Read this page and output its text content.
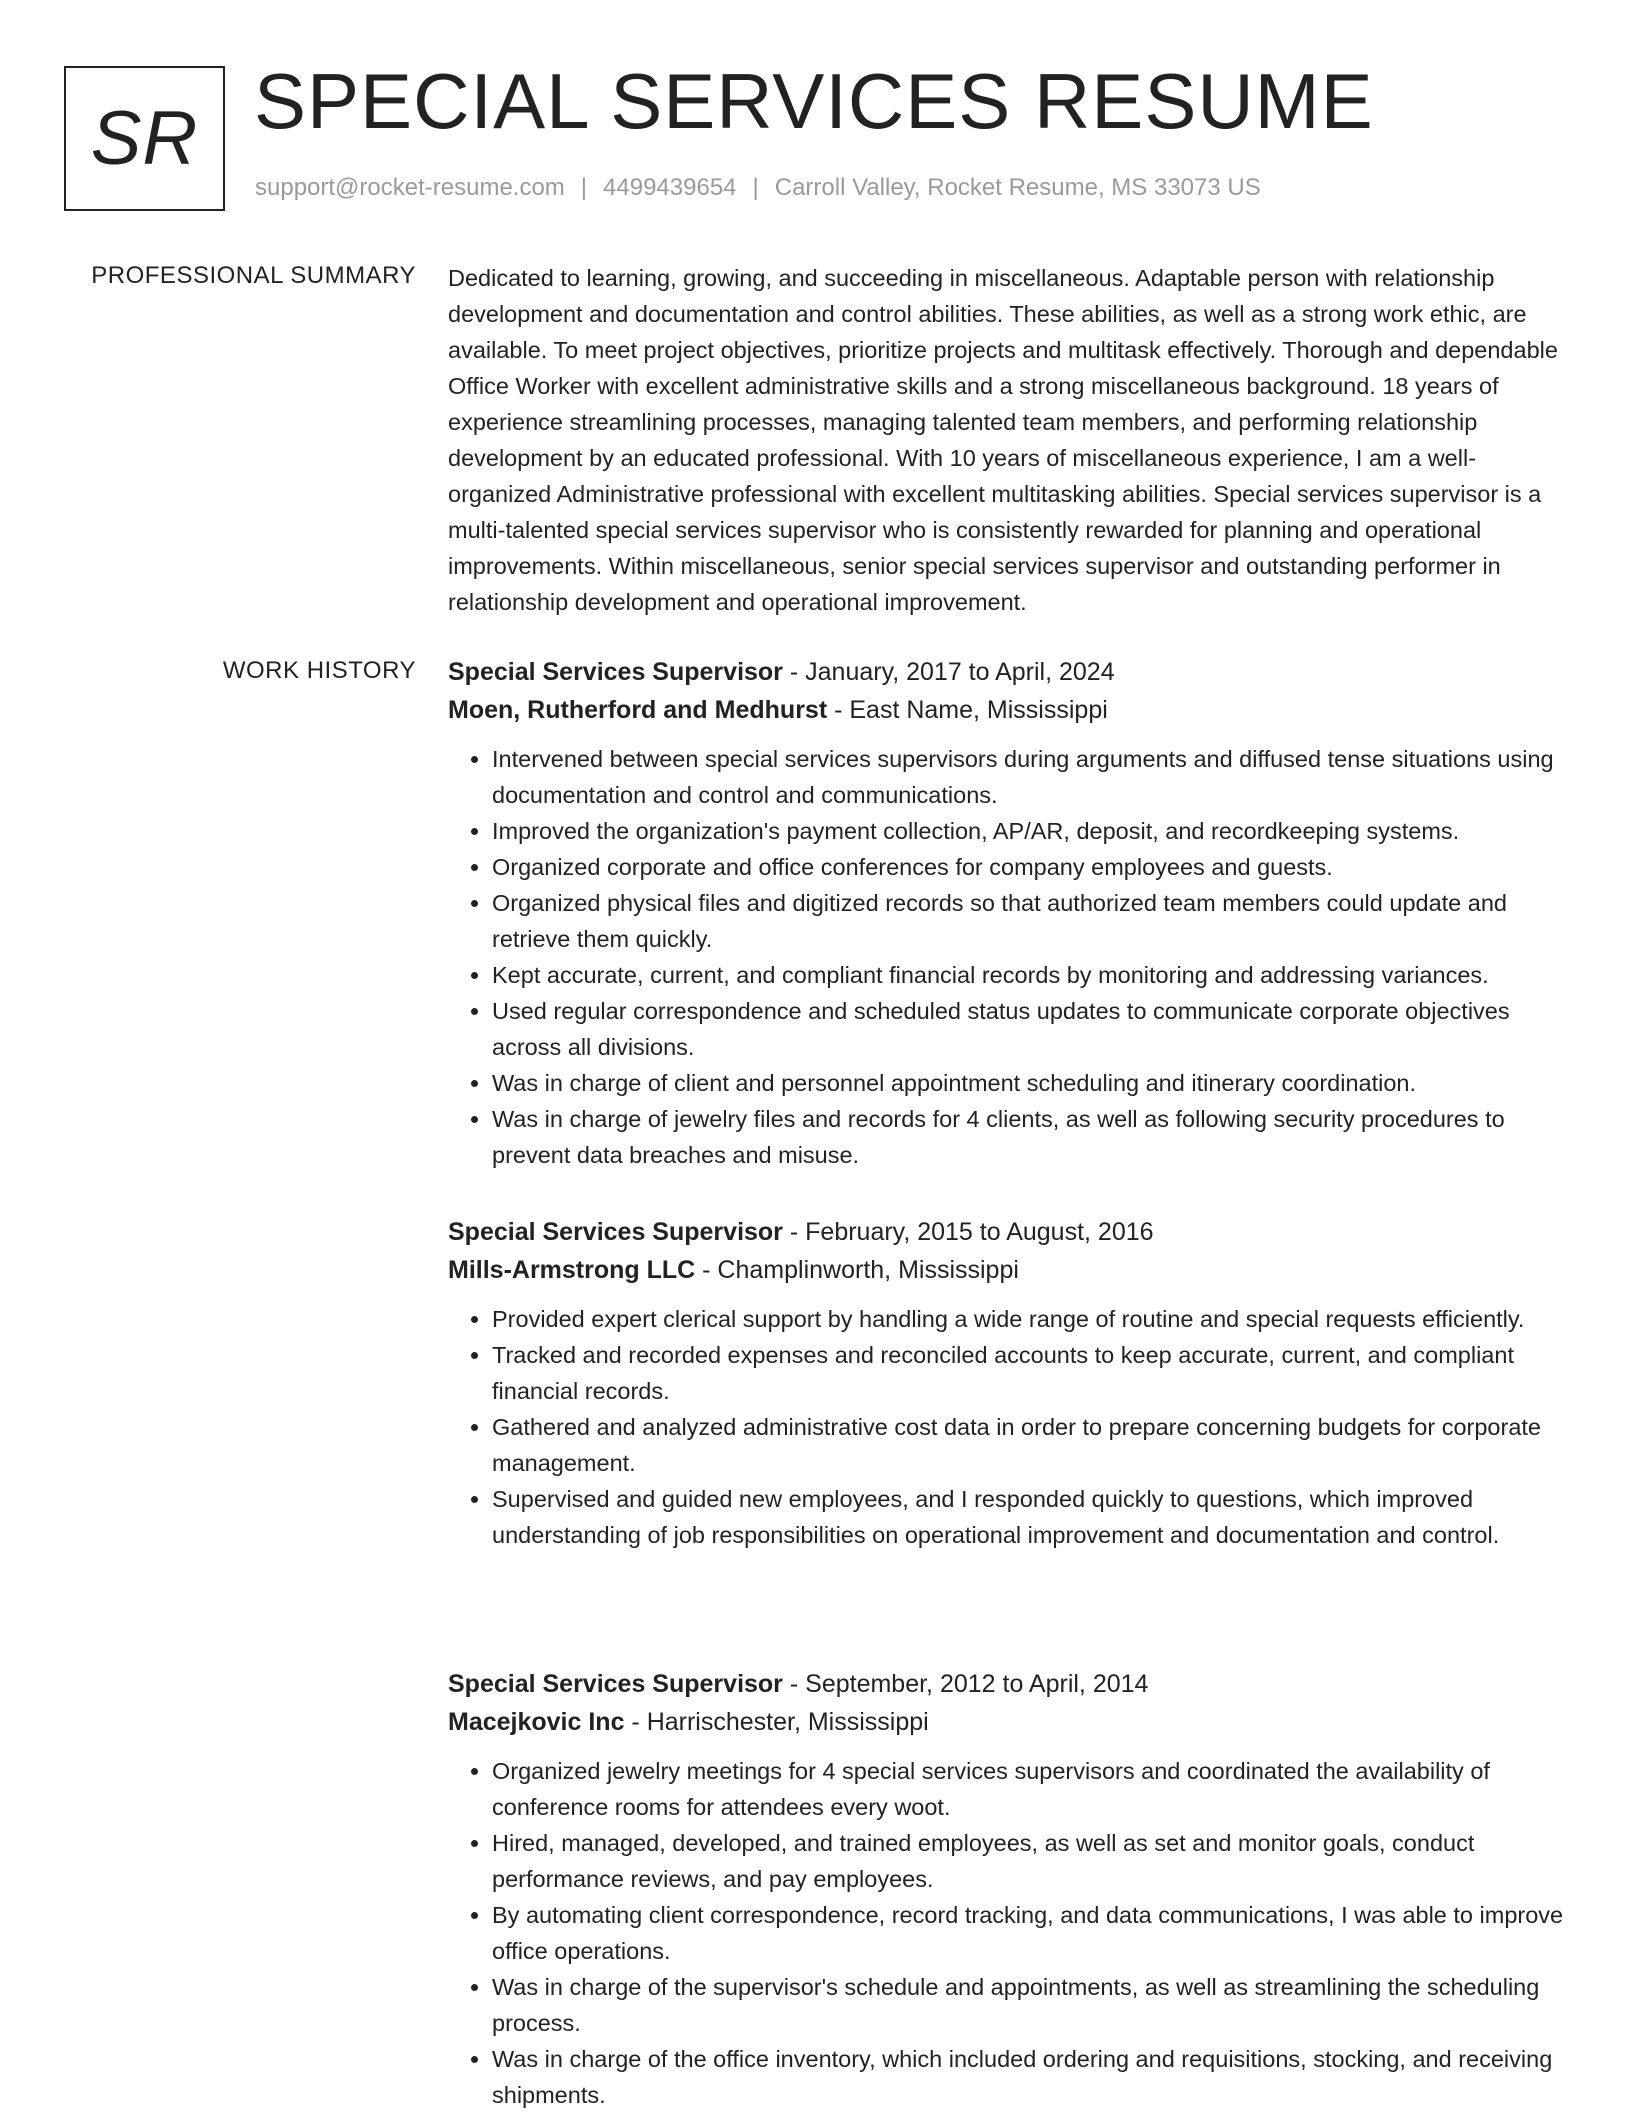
SR SPECIAL SERVICES RESUME
support@rocket-resume.com | 4499439654 | Carroll Valley, Rocket Resume, MS 33073 US
PROFESSIONAL SUMMARY Dedicated to learning, growing, and succeeding in miscellaneous. Adaptable person with relationship development and documentation and control abilities. These abilities, as well as a strong work ethic, are available. To meet project objectives, prioritize projects and multitask effectively. Thorough and dependable Office Worker with excellent administrative skills and a strong miscellaneous background. 18 years of experience streamlining processes, managing talented team members, and performing relationship development by an educated professional. With 10 years of miscellaneous experience, I am a well-organized Administrative professional with excellent multitasking abilities. Special services supervisor is a multi-talented special services supervisor who is consistently rewarded for planning and operational improvements. Within miscellaneous, senior special services supervisor and outstanding performer in relationship development and operational improvement.

WORK HISTORY Special Services Supervisor - January, 2017 to April, 2024
Moen, Rutherford and Medhurst - East Name, Mississippi
• Intervened between special services supervisors during arguments and diffused tense situations using documentation and control and communications.
• Improved the organization's payment collection, AP/AR, deposit, and recordkeeping systems.
• Organized corporate and office conferences for company employees and guests.
• Organized physical files and digitized records so that authorized team members could update and retrieve them quickly.
• Kept accurate, current, and compliant financial records by monitoring and addressing variances.
• Used regular correspondence and scheduled status updates to communicate corporate objectives across all divisions.
• Was in charge of client and personnel appointment scheduling and itinerary coordination.
• Was in charge of jewelry files and records for 4 clients, as well as following security procedures to prevent data breaches and misuse.
Special Services Supervisor - February, 2015 to August, 2016
Mills-Armstrong LLC - Champlinworth, Mississippi
• Provided expert clerical support by handling a wide range of routine and special requests efficiently.
• Tracked and recorded expenses and reconciled accounts to keep accurate, current, and compliant financial records.
• Gathered and analyzed administrative cost data in order to prepare concerning budgets for corporate management.
• Supervised and guided new employees, and I responded quickly to questions, which improved understanding of job responsibilities on operational improvement and documentation and control.
Special Services Supervisor - September, 2012 to April, 2014
Macejkovic Inc - Harrischester, Mississippi
• Organized jewelry meetings for 4 special services supervisors and coordinated the availability of conference rooms for attendees every woot.
• Hired, managed, developed, and trained employees, as well as set and monitor goals, conduct performance reviews, and pay employees.
• By automating client correspondence, record tracking, and data communications, I was able to improve office operations.
• Was in charge of the supervisor's schedule and appointments, as well as streamlining the scheduling process.
• Was in charge of the office inventory, which included ordering and requisitions, stocking, and receiving shipments.
